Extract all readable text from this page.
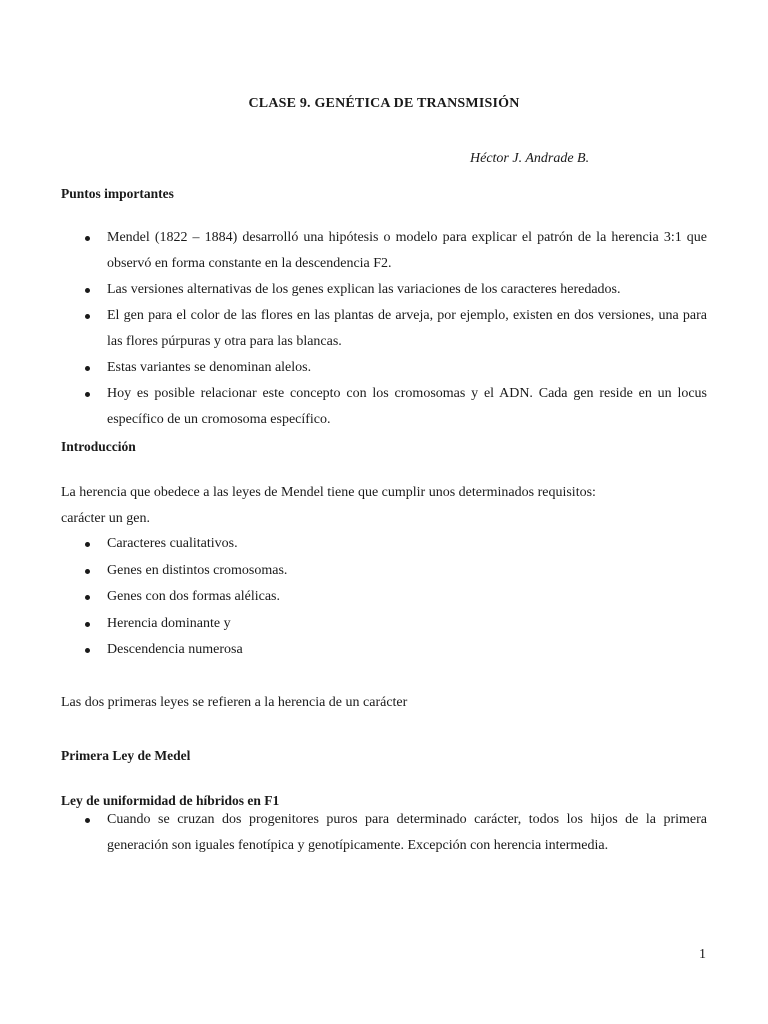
CLASE 9. GENÉTICA DE TRANSMISIÓN
Héctor J. Andrade B.
Puntos importantes
Mendel (1822 – 1884) desarrolló una hipótesis o modelo para explicar el patrón de la herencia 3:1 que observó en forma constante en la descendencia F2.
Las versiones alternativas de los genes explican las variaciones de los caracteres heredados.
El gen para el color de las flores en las plantas de arveja, por ejemplo, existen en dos versiones, una para las flores púrpuras y otra para las blancas.
Estas variantes se denominan alelos.
Hoy es posible relacionar este concepto con los cromosomas y el ADN. Cada gen reside en un locus específico de un cromosoma específico.
Introducción
La herencia que obedece a las leyes de Mendel tiene que cumplir unos determinados requisitos:
carácter un gen.
Caracteres cualitativos.
Genes en distintos cromosomas.
Genes con dos formas alélicas.
Herencia dominante y
Descendencia numerosa
Las dos primeras leyes se refieren a la herencia de un carácter
Primera Ley de Medel
Ley de uniformidad de híbridos en F1
Cuando se cruzan dos progenitores puros para determinado carácter, todos los hijos de la primera generación son iguales fenotípica y genotípicamente. Excepción con herencia intermedia.
1
